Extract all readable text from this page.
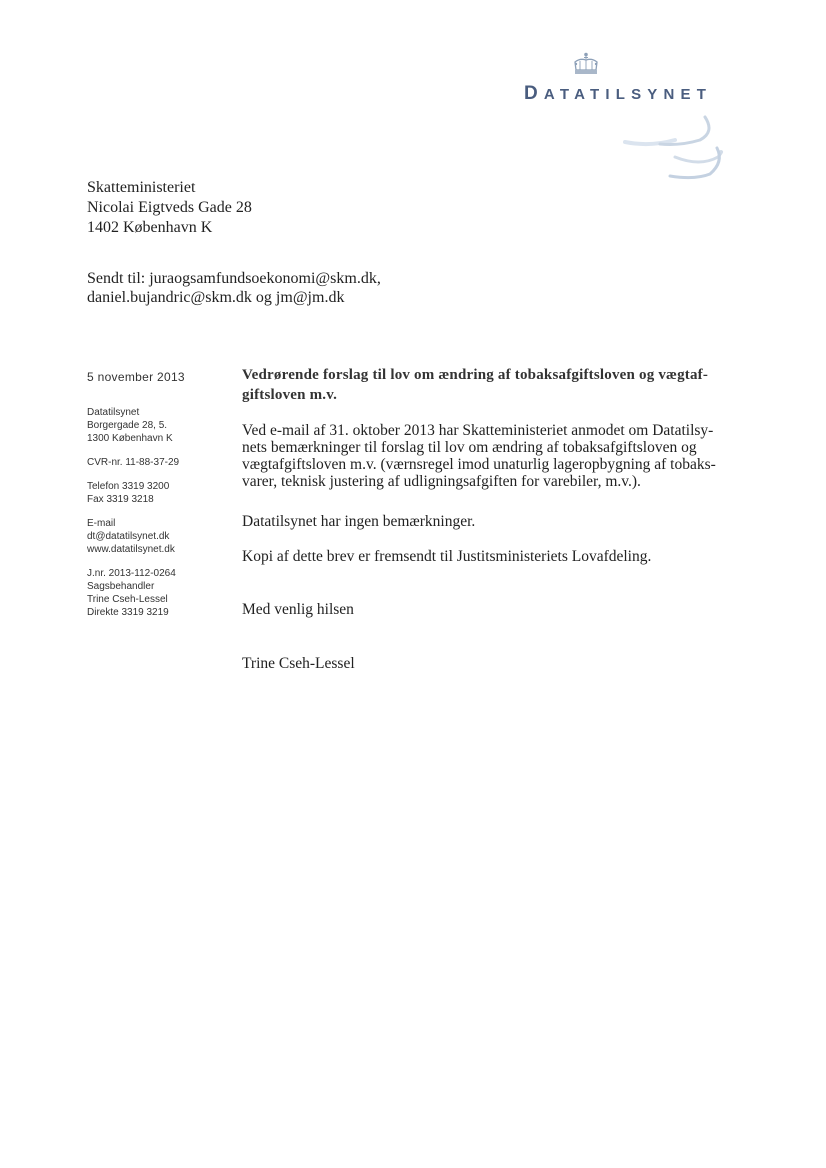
DATATILSYNET
Skatteministeriet
Nicolai Eigtveds Gade 28
1402 København K
Sendt til: juraogsamfundsoekonomi@skm.dk,
daniel.bujandric@skm.dk og jm@jm.dk
5 november 2013
Datatilsynet
Borgergade 28, 5.
1300 København K
CVR-nr. 11-88-37-29
Telefon 3319 3200
Fax 3319 3218
E-mail
dt@datatilsynet.dk
www.datatilsynet.dk
J.nr. 2013-112-0264
Sagsbehandler
Trine Cseh-Lessel
Direkte 3319 3219
Vedrørende forslag til lov om ændring af tobaksafgiftsloven og vægtaf-
giftsloven m.v.
Ved e-mail af 31. oktober 2013 har Skatteministeriet anmodet om Datatilsy-
nets bemærkninger til forslag til lov om ændring af tobaksafgiftsloven og
vægtafgiftsloven m.v. (værnsregel imod unaturlig lageropbygning af tobaks-
varer, teknisk justering af udligningsafgiften for varebiler, m.v.).
Datatilsynet har ingen bemærkninger.
Kopi af dette brev er fremsendt til Justitsministeriets Lovafdeling.
Med venlig hilsen
Trine Cseh-Lessel
